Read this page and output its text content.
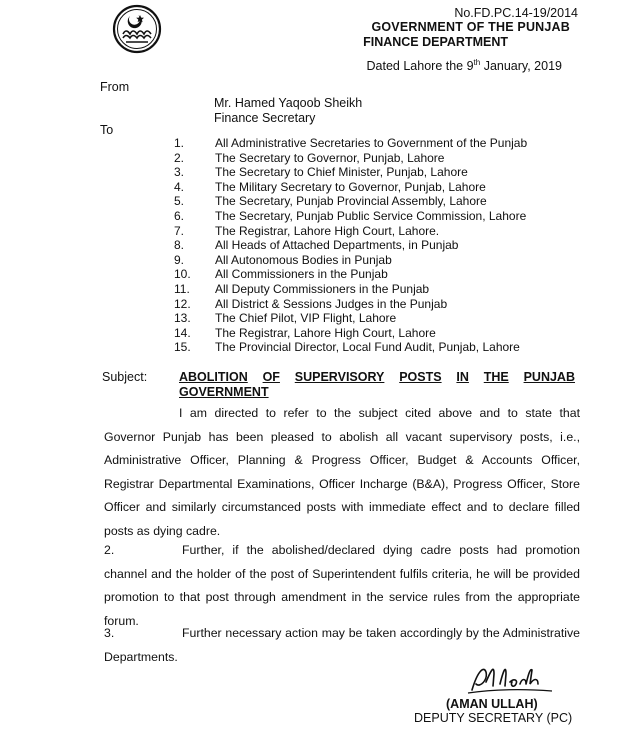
No.FD.PC.14-19/2014
GOVERNMENT OF THE PUNJAB
FINANCE DEPARTMENT
Dated Lahore the 9th January, 2019
From
Mr. Hamed Yaqoob Sheikh
Finance Secretary
To
1.	All Administrative Secretaries to Government of the Punjab
2.	The Secretary to Governor, Punjab, Lahore
3.	The Secretary to Chief Minister, Punjab, Lahore
4.	The Military Secretary to Governor, Punjab, Lahore
5.	The Secretary, Punjab Provincial Assembly, Lahore
6.	The Secretary, Punjab Public Service Commission, Lahore
7.	The Registrar, Lahore High Court, Lahore.
8.	All Heads of Attached Departments, in Punjab
9.	All Autonomous Bodies in Punjab
10.	All Commissioners in the Punjab
11.	All Deputy Commissioners in the Punjab
12.	All District & Sessions Judges in the Punjab
13.	The Chief Pilot, VIP Flight, Lahore
14.	The Registrar, Lahore High Court, Lahore
15.	The Provincial Director, Local Fund Audit, Punjab, Lahore
Subject:	ABOLITION OF SUPERVISORY POSTS IN THE PUNJAB
GOVERNMENT
I am directed to refer to the subject cited above and to state that Governor Punjab has been pleased to abolish all vacant supervisory posts, i.e., Administrative Officer, Planning & Progress Officer, Budget & Accounts Officer, Registrar Departmental Examinations, Officer Incharge (B&A), Progress Officer, Store Officer and similarly circumstanced posts with immediate effect and to declare filled posts as dying cadre.
2.	Further, if the abolished/declared dying cadre posts had promotion channel and the holder of the post of Superintendent fulfils criteria, he will be provided promotion to that post through amendment in the service rules from the appropriate forum.
3.	Further necessary action may be taken accordingly by the Administrative Departments.
(AMAN ULLAH)
DEPUTY SECRETARY (PC)
